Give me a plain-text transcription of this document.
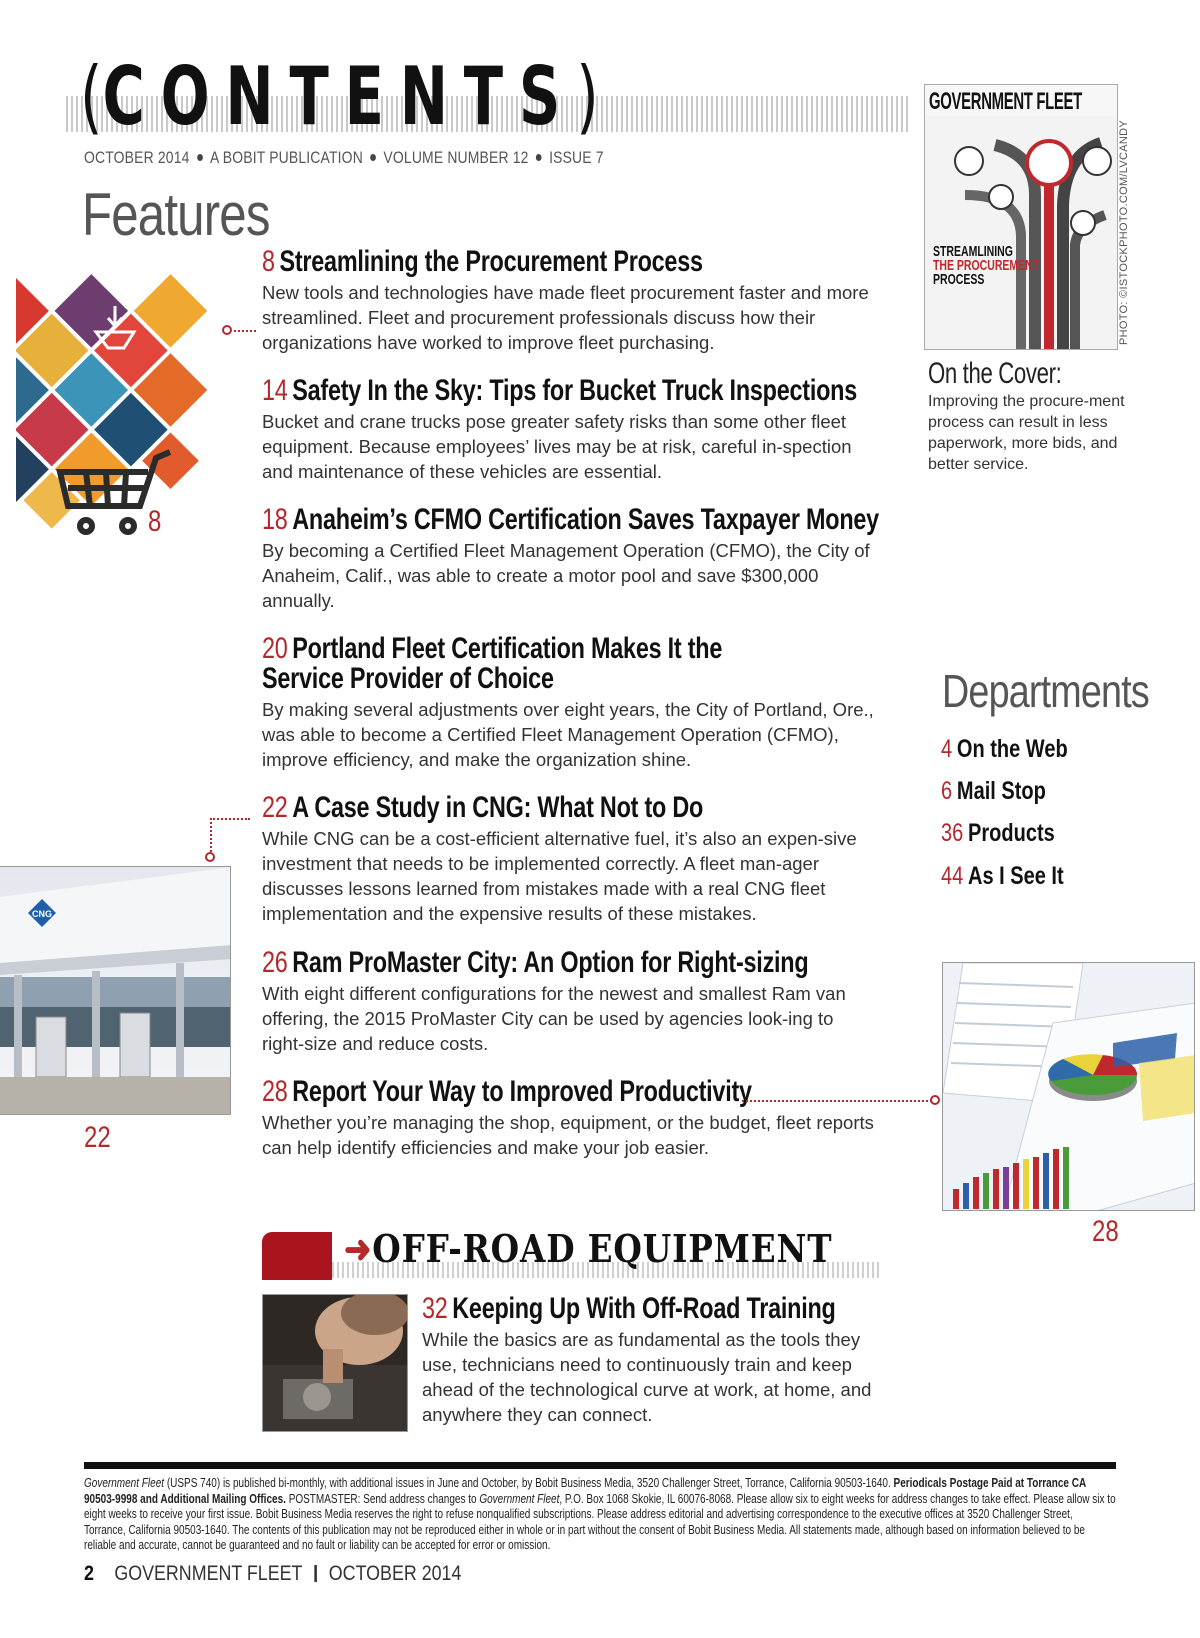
(CONTENTS)
OCTOBER 2014 A BOBIT PUBLICATION VOLUME NUMBER 12 ISSUE 7
Features
8 Streamlining the Procurement Process
New tools and technologies have made fleet procurement faster and more streamlined. Fleet and procurement professionals discuss how their organizations have worked to improve fleet purchasing.
14 Safety In the Sky: Tips for Bucket Truck Inspections
Bucket and crane trucks pose greater safety risks than some other fleet equipment. Because employees’ lives may be at risk, careful in-spection and maintenance of these vehicles are essential.
18 Anaheim’s CFMO Certification Saves Taxpayer Money
By becoming a Certified Fleet Management Operation (CFMO), the City of Anaheim, Calif., was able to create a motor pool and save $300,000 annually.
20 Portland Fleet Certification Makes It the Service Provider of Choice
By making several adjustments over eight years, the City of Portland, Ore., was able to become a Certified Fleet Management Operation (CFMO), improve efficiency, and make the organization shine.
22 A Case Study in CNG: What Not to Do
While CNG can be a cost-efficient alternative fuel, it’s also an expen-sive investment that needs to be implemented correctly. A fleet man-ager discusses lessons learned from mistakes made with a real CNG fleet implementation and the expensive results of these mistakes.
26 Ram ProMaster City: An Option for Right-sizing
With eight different configurations for the newest and smallest Ram van offering, the 2015 ProMaster City can be used by agencies look-ing to right-size and reduce costs.
28 Report Your Way to Improved Productivity
Whether you’re managing the shop, equipment, or the budget, fleet reports can help identify efficiencies and make your job easier.
8
GOVERNMENT FLEET
STREAMLINING
THE PROCUREMENT
PROCESS	PHOTO: ©ISTOCKPHOTO.COM/LVCANDY
On the Cover:
Improving the procure-ment process can result in less paperwork, more bids, and better service.
Departments
4 On the Web
6 Mail Stop
36 Products
44 As I See It
CNG
22
28
➜OFF-ROAD EQUIPMENT
32 Keeping Up With Off-Road Training
While the basics are as fundamental as the tools they use, technicians need to continuously train and keep ahead of the technological curve at work, at home, and anywhere they can connect.
Government Fleet (USPS 740) is published bi-monthly, with additional issues in June and October, by Bobit Business Media, 3520 Challenger Street, Torrance, California 90503-1640. Periodicals Postage Paid at Torrance CA 90503-9998 and Additional Mailing Offices. POSTMASTER: Send address changes to Government Fleet, P.O. Box 1068 Skokie, IL 60076-8068. Please allow six to eight weeks for address changes to take effect. Please allow six to eight weeks to receive your first issue. Bobit Business Media reserves the right to refuse nonqualified subscriptions. Please address editorial and advertising correspondence to the executive offices at 3520 Challenger Street, Torrance, California 90503-1640. The contents of this publication may not be reproduced either in whole or in part without the consent of Bobit Business Media. All statements made, although based on information believed to be reliable and accurate, cannot be guaranteed and no fault or liability can be accepted for error or omission.
2 GOVERNMENT FLEET OCTOBER 2014
